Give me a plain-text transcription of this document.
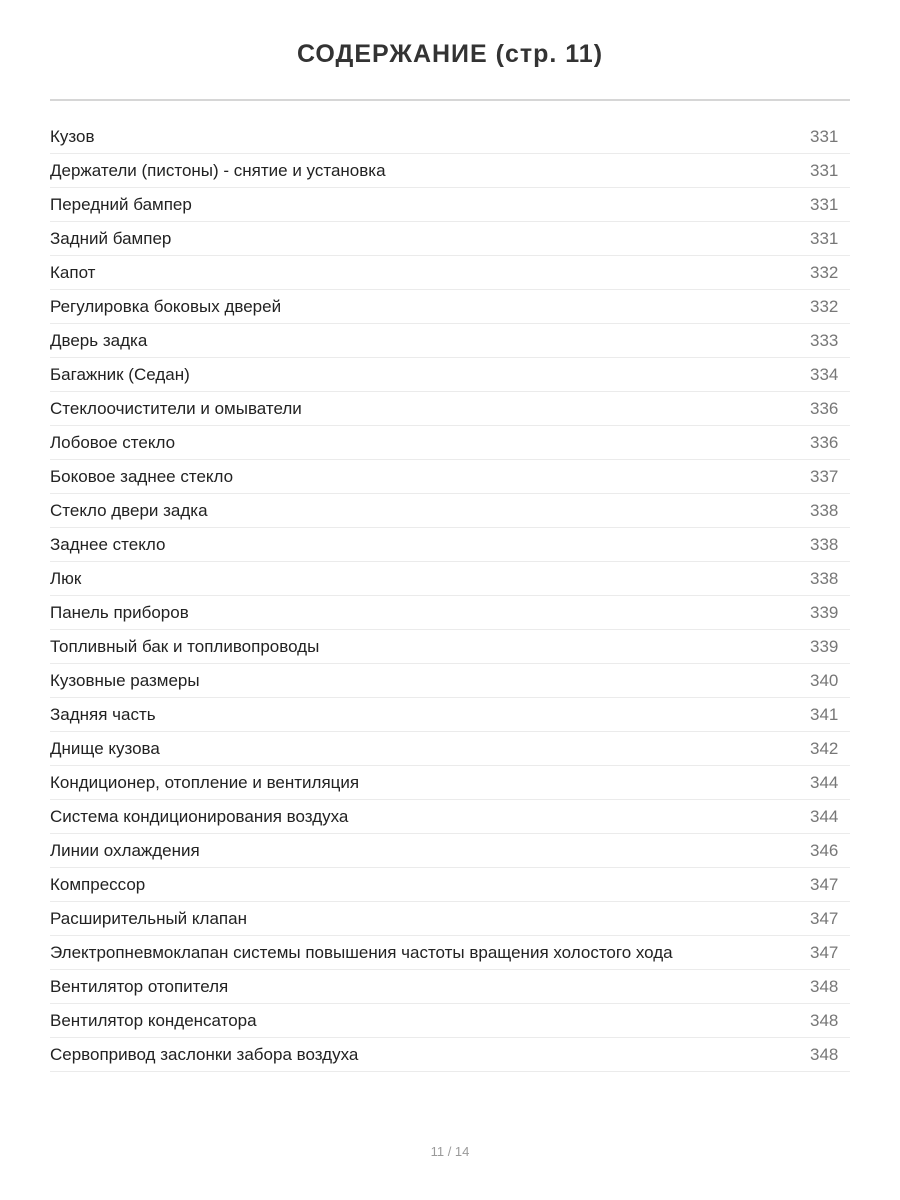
СОДЕРЖАНИЕ (стр. 11)
Кузов	331
Держатели (пистоны) - снятие и установка	331
Передний бампер	331
Задний бампер	331
Капот	332
Регулировка боковых дверей	332
Дверь задка	333
Багажник (Седан)	334
Стеклоочистители и омыватели	336
Лобовое стекло	336
Боковое заднее стекло	337
Стекло двери задка	338
Заднее стекло	338
Люк	338
Панель приборов	339
Топливный бак и топливопроводы	339
Кузовные размеры	340
Задняя часть	341
Днище кузова	342
Кондиционер, отопление и вентиляция	344
Система кондиционирования воздуха	344
Линии охлаждения	346
Компрессор	347
Расширительный клапан	347
Электропневмоклапан системы повышения частоты вращения холостого хода	347
Вентилятор отопителя	348
Вентилятор конденсатора	348
Сервопривод заслонки забора воздуха	348
11 / 14
